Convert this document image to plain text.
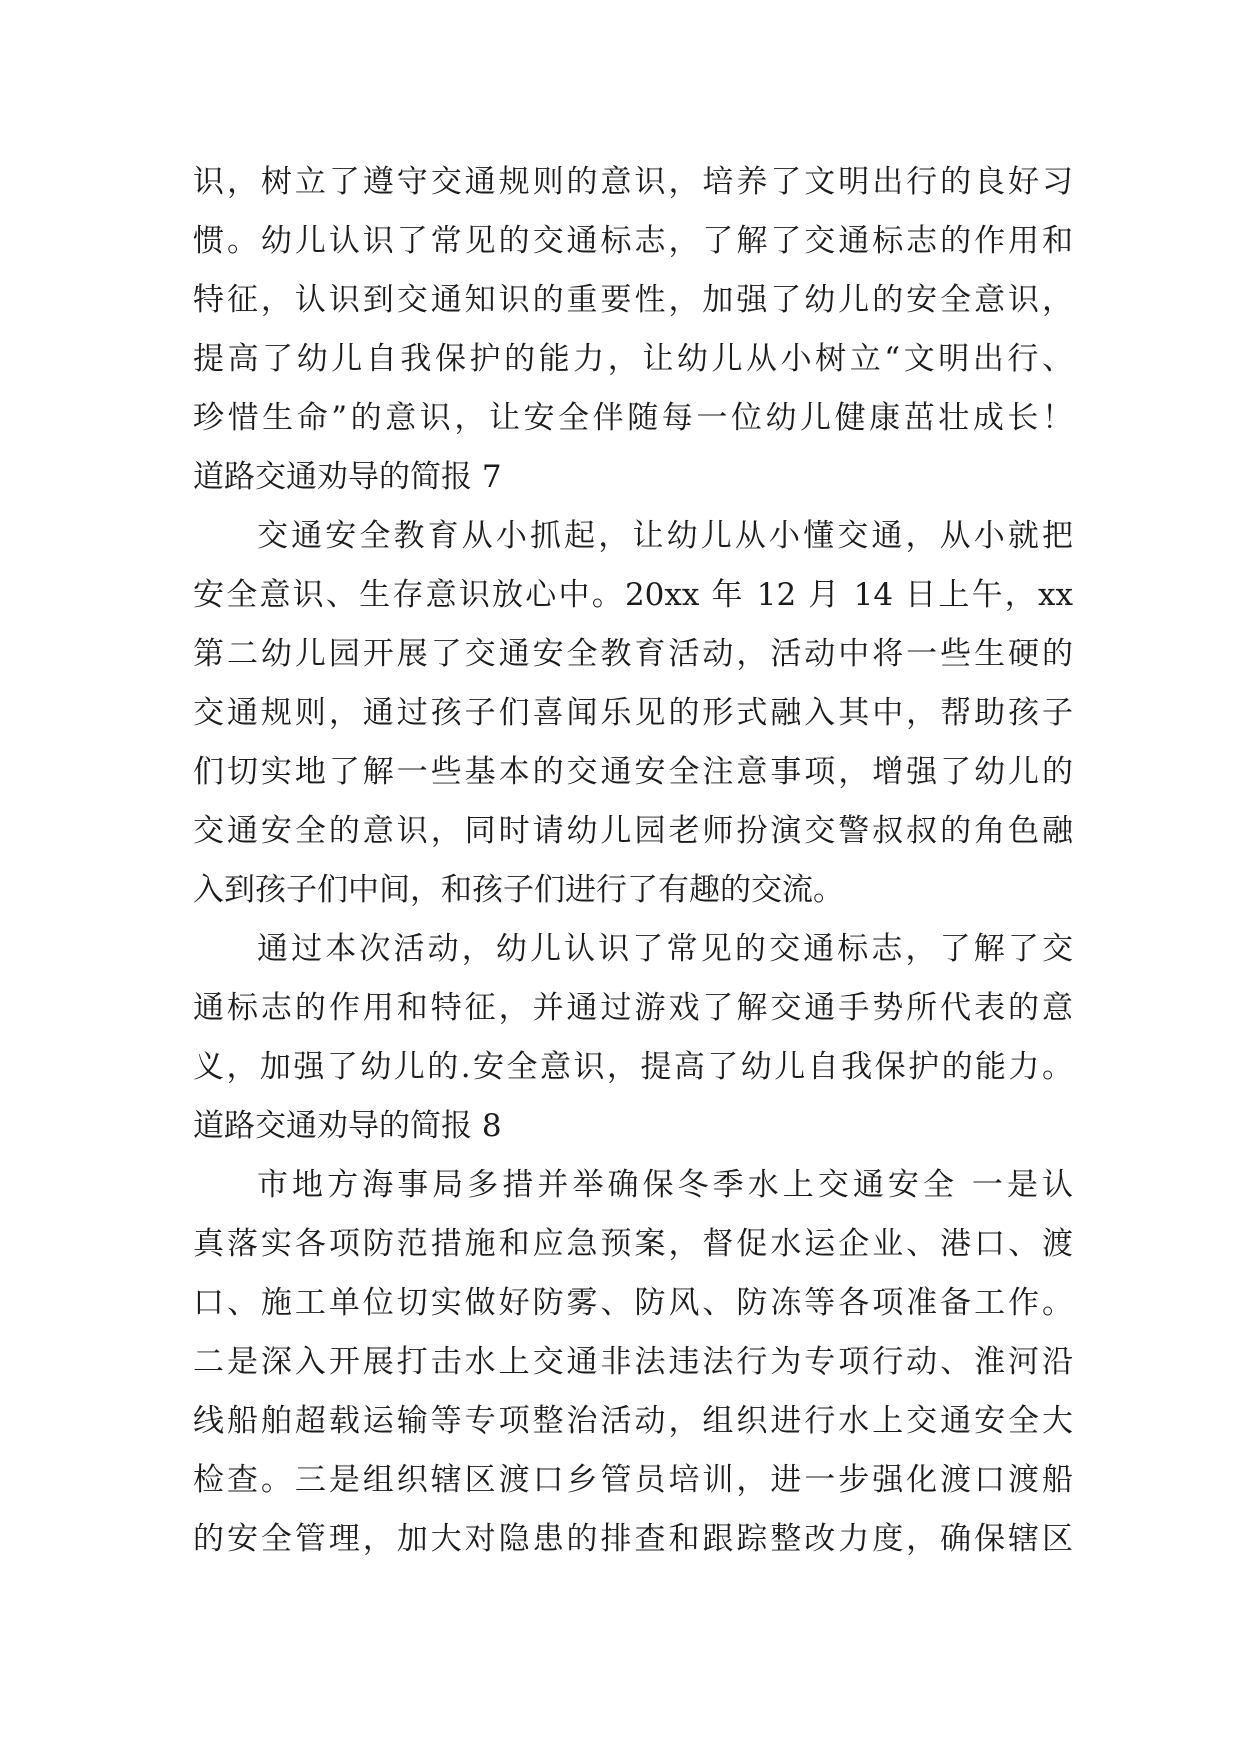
识，树立了遵守交通规则的意识，培养了文明出行的良好习
惯。幼儿认识了常见的交通标志，了解了交通标志的作用和
特征，认识到交通知识的重要性，加强了幼儿的安全意识，
提高了幼儿自我保护的能力，让幼儿从小树立“文明出行、
珍惜生命”的意识，让安全伴随每一位幼儿健康茁壮成长！
道路交通劝导的简报 7
交通安全教育从小抓起，让幼儿从小懂交通，从小就把
安全意识、生存意识放心中。20xx 年 12 月 14 日上午，xx
第二幼儿园开展了交通安全教育活动，活动中将一些生硬的
交通规则，通过孩子们喜闻乐见的形式融入其中，帮助孩子
们切实地了解一些基本的交通安全注意事项，增强了幼儿的
交通安全的意识，同时请幼儿园老师扮演交警叔叔的角色融
入到孩子们中间，和孩子们进行了有趣的交流。
通过本次活动，幼儿认识了常见的交通标志，了解了交
通标志的作用和特征，并通过游戏了解交通手势所代表的意
义，加强了幼儿的.安全意识，提高了幼儿自我保护的能力。
道路交通劝导的简报 8
市地方海事局多措并举确保冬季水上交通安全 一是认
真落实各项防范措施和应急预案，督促水运企业、港口、渡
口、施工单位切实做好防雾、防风、防冻等各项准备工作。
二是深入开展打击水上交通非法违法行为专项行动、淮河沿
线船舶超载运输等专项整治活动，组织进行水上交通安全大
检查。三是组织辖区渡口乡管员培训，进一步强化渡口渡船
的安全管理，加大对隐患的排查和跟踪整改力度，确保辖区
